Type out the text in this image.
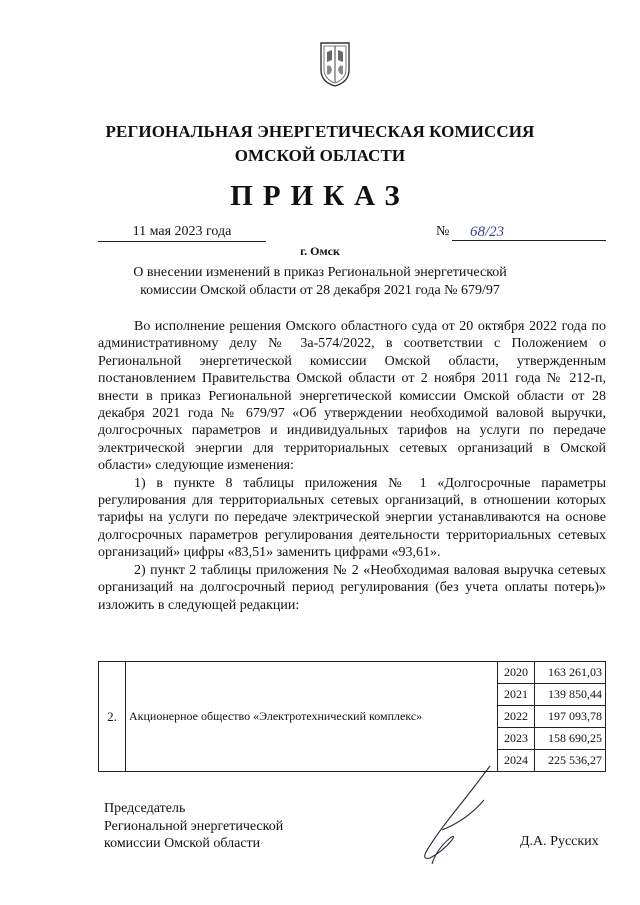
РЕГИОНАЛЬНАЯ ЭНЕРГЕТИЧЕСКАЯ КОМИССИЯ
ОМСКОЙ ОБЛАСТИ
ПРИКАЗ
11 мая 2023 года	№	68/23
г. Омск
О внесении изменений в приказ Региональной энергетической
комиссии Омской области от 28 декабря 2021 года № 679/97

Во исполнение решения Омского областного суда от 20 октября 2022 года по административному делу № 3а-574/2022, в соответствии с Положением о Региональной энергетической комиссии Омской области, утвержденным постановлением Правительства Омской области от 2 ноября 2011 года № 212-п, внести в приказ Региональной энергетической комиссии Омской области от 28 декабря 2021 года № 679/97 «Об утверждении необходимой валовой выручки, долгосрочных параметров и индивидуальных тарифов на услуги по передаче электрической энергии для территориальных сетевых организаций в Омской области» следующие изменения:

1) в пункте 8 таблицы приложения № 1 «Долгосрочные параметры регулирования для территориальных сетевых организаций, в отношении которых тарифы на услуги по передаче электрической энергии устанавливаются на основе долгосрочных параметров регулирования деятельности территориальных сетевых организаций» цифры «83,51» заменить цифрами «93,61».

2) пункт 2 таблицы приложения № 2 «Необходимая валовая выручка сетевых организаций на долгосрочный период регулирования (без учета оплаты потерь)» изложить в следующей редакции:

2.	Акционерное общество «Электротехнический комплекс»	2020	163 261,03
		2021	139 850,44
		2022	197 093,78
		2023	158 690,25
		2024	225 536,27
Председатель
Региональной энергетической
комиссии Омской области	Д.А. Русских
